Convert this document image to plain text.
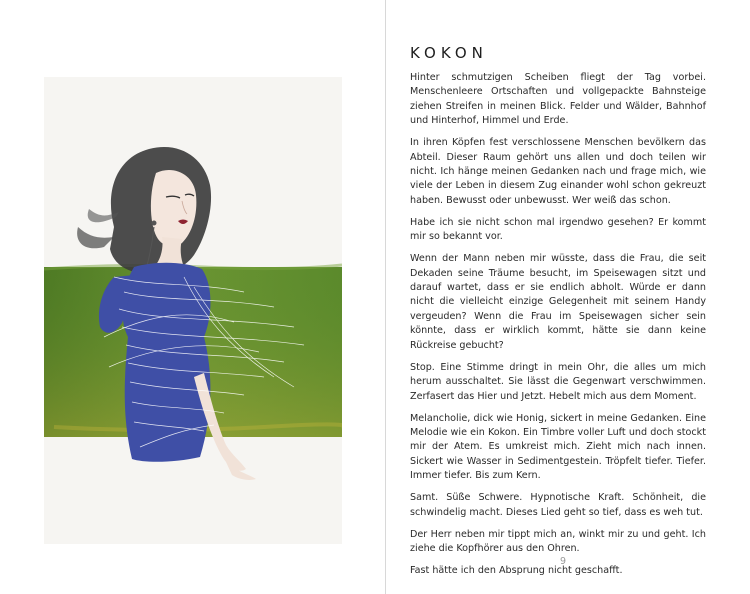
KOKON

Hinter schmutzigen Scheiben fliegt der Tag vorbei. Menschenleere Ortschaften und vollgepackte Bahnsteige ziehen Streifen in meinen Blick. Felder und Wälder, Bahnhof und Hinterhof, Himmel und Erde.

In ihren Köpfen fest verschlossene Menschen bevölkern das Abteil. Dieser Raum gehört uns allen und doch teilen wir nicht. Ich hänge meinen Gedanken nach und frage mich, wie viele der Leben in diesem Zug einander wohl schon gekreuzt haben. Bewusst oder unbewusst. Wer weiß das schon.

Habe ich sie nicht schon mal irgendwo gesehen? Er kommt mir so bekannt vor.

Wenn der Mann neben mir wüsste, dass die Frau, die seit Dekaden seine Träume besucht, im Speisewagen sitzt und darauf wartet, dass er sie endlich abholt. Würde er dann nicht die vielleicht einzige Gelegenheit mit seinem Handy vergeuden? Wenn die Frau im Speisewagen sicher sein könnte, dass er wirklich kommt, hätte sie dann keine Rückreise gebucht?

Stop. Eine Stimme dringt in mein Ohr, die alles um mich herum ausschaltet. Sie lässt die Gegenwart verschwimmen. Zerfasert das Hier und Jetzt. Hebelt mich aus dem Moment.

Melancholie, dick wie Honig, sickert in meine Gedanken. Eine Melodie wie ein Kokon. Ein Timbre voller Luft und doch stockt mir der Atem. Es umkreist mich. Zieht mich nach innen. Sickert wie Wasser in Sedimentgestein. Tröpfelt tiefer. Tiefer. Immer tiefer. Bis zum Kern.

Samt. Süße Schwere. Hypnotische Kraft. Schönheit, die schwindelig macht. Dieses Lied geht so tief, dass es weh tut.

Der Herr neben mir tippt mich an, winkt mir zu und geht. Ich ziehe die Kopfhörer aus den Ohren.

Fast hätte ich den Absprung nicht geschafft.

9
